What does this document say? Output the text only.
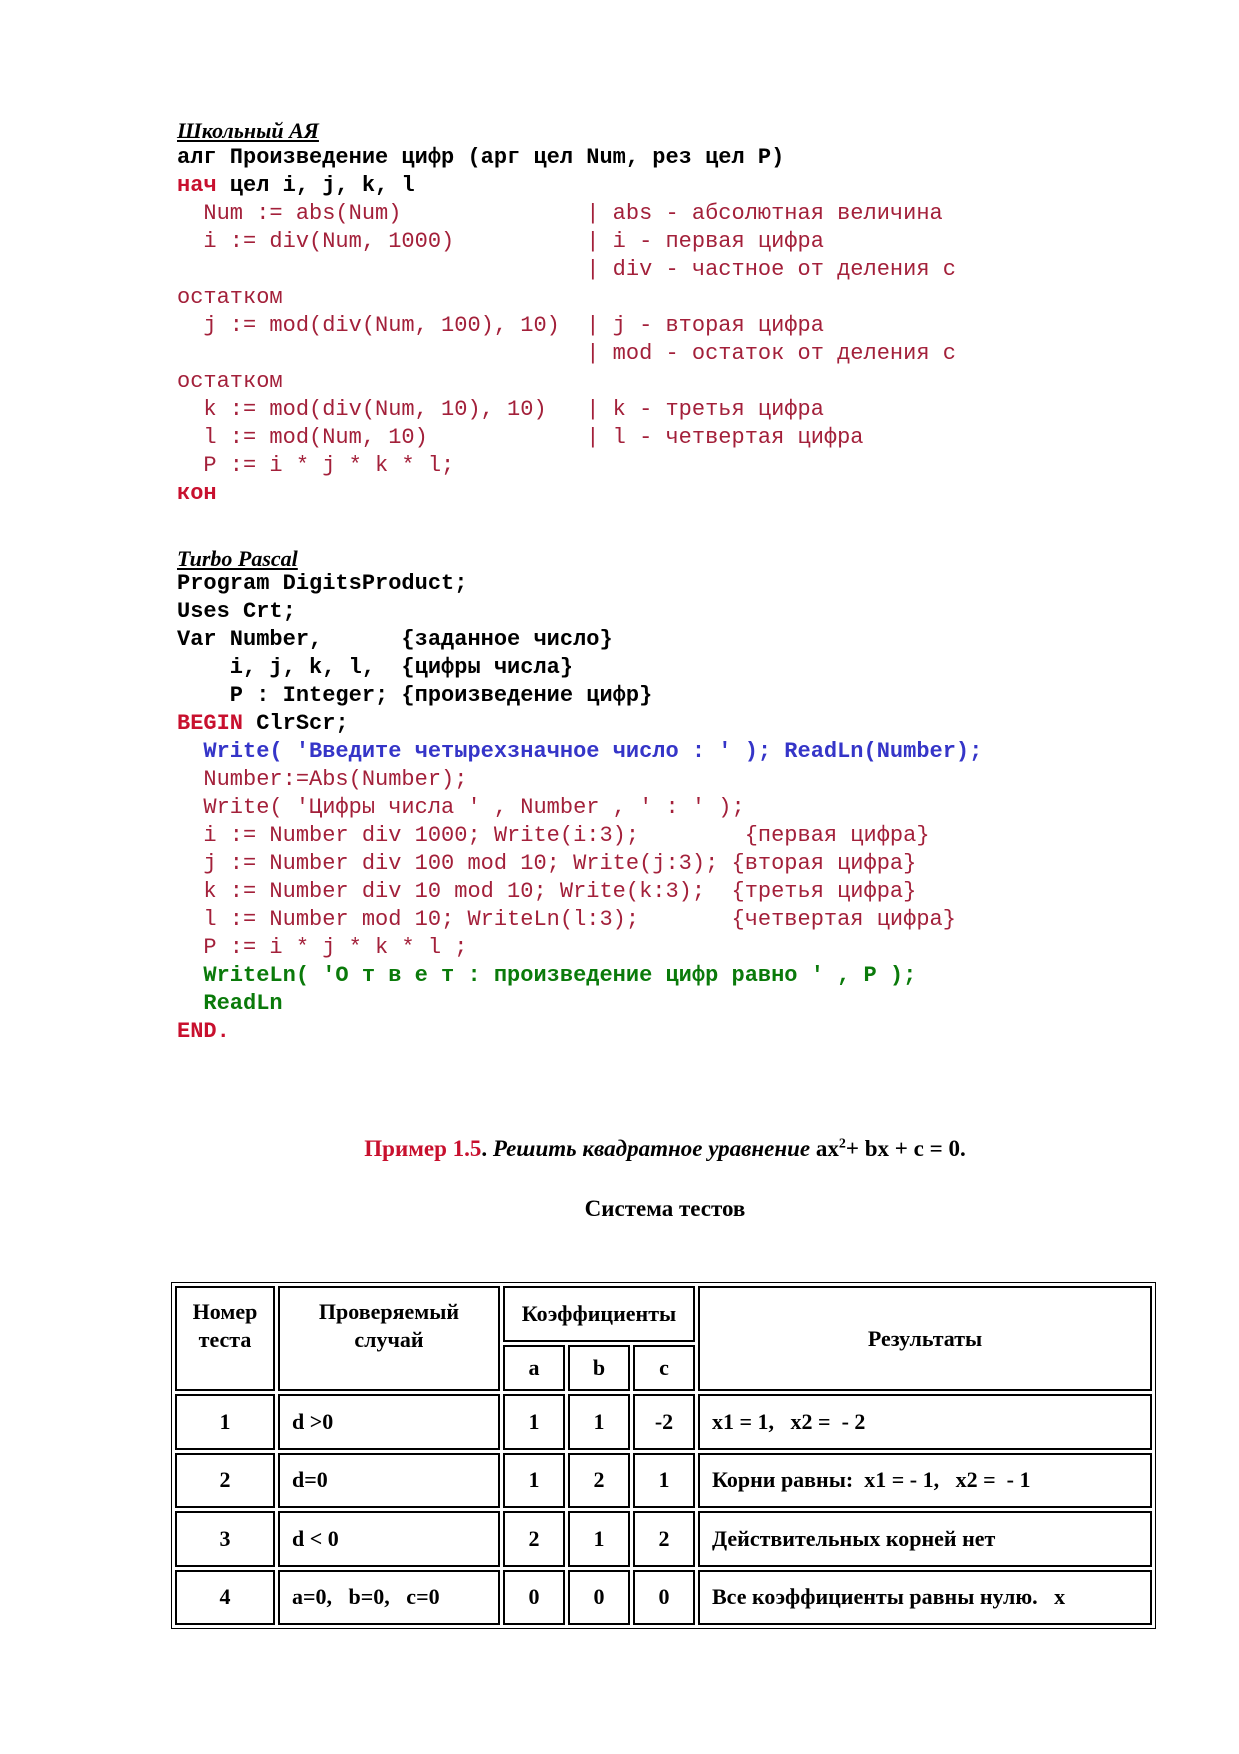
Школьный АЯ
алг Произведение цифр (арг цел Num, рез цел P)
нач цел i, j, k, l
Num := abs(Num)              | abs - абсолютная величина
i := div(Num, 1000)          | i - первая цифра
| div - частное от деления с
остатком
j := mod(div(Num, 100), 10)  | j - вторая цифра
| mod - остаток от деления с
остатком
k := mod(div(Num, 10), 10)   | k - третья цифра
l := mod(Num, 10)            | l - четвертая цифра
P := i * j * k * l;
кон
Turbo Pascal
Program DigitsProduct;
Uses Crt;
Var Number,      {заданное число}
i, j, k, l,  {цифры числа}
P : Integer; {произведение цифр}
BEGIN ClrScr;
Write( 'Введите четырехзначное число : ' ); ReadLn(Number);
Number:=Abs(Number);
Write( 'Цифры числа ' , Number , ' : ' );
i := Number div 1000; Write(i:3);        {первая цифра}
j := Number div 100 mod 10; Write(j:3); {вторая цифра}
k := Number div 10 mod 10; Write(k:3);  {третья цифра}
l := Number mod 10; WriteLn(l:3);       {четвертая цифра}
P := i * j * k * l ;
WriteLn( 'О т в е т : произведение цифр равно ' , P );
ReadLn
END.
Пример 1.5. Решить квадратное уравнение $ax^2+$ bx + c = 0.
Система тестов
Номер теста	Проверяемый случай	Коэффициенты			Результаты
		a	b	c	
1	d >0	1	1	-2	x1 = 1,   x2 =  - 2
2	d=0	1	2	1	Корни равны:  x1 = - 1,   x2 =  - 1
3	d < 0	2	1	2	Действительных корней нет
4	a=0,   b=0,   c=0	0	0	0	Все коэффициенты равны нулю.   x
